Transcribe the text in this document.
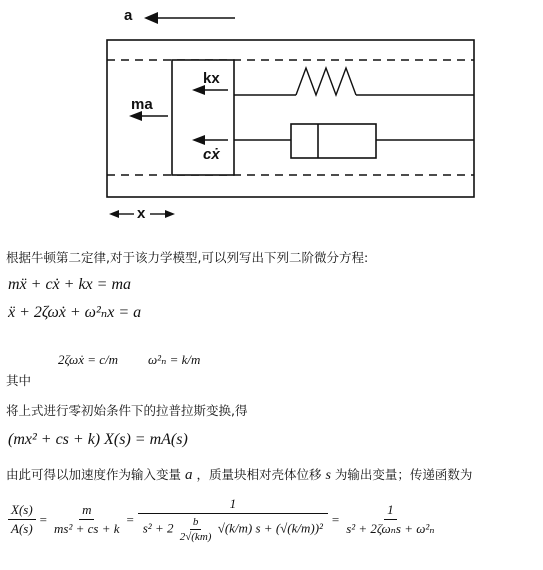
a
kx
ma
cẋ
x
根据牛顿第二定律,对于该力学模型,可以列写出下列二阶微分方程:
mẍ + cẋ + kx = ma
ẍ + 2ζωẋ + ω²ₙx = a
其中
2ζωẋ = c/m ω²ₙ = k/m
将上式进行零初始条件下的拉普拉斯变换,得
(mx² + cs + k) X(s) = mA(s)
由此可得以加速度作为输入变量 a ，质量块相对壳体位移 s 为输出变量；传递函数为
$\frac{X(s)}{A(s)} = \frac{m}{\text{ms² + cs + k}} = \frac{1}{s^2 + 2 \frac{b}{2√(km)} √(k/m) s + (√(k/m))^2} = \frac{1}{\text{s² + 2ζωₙs + ω²ₙ}}$
